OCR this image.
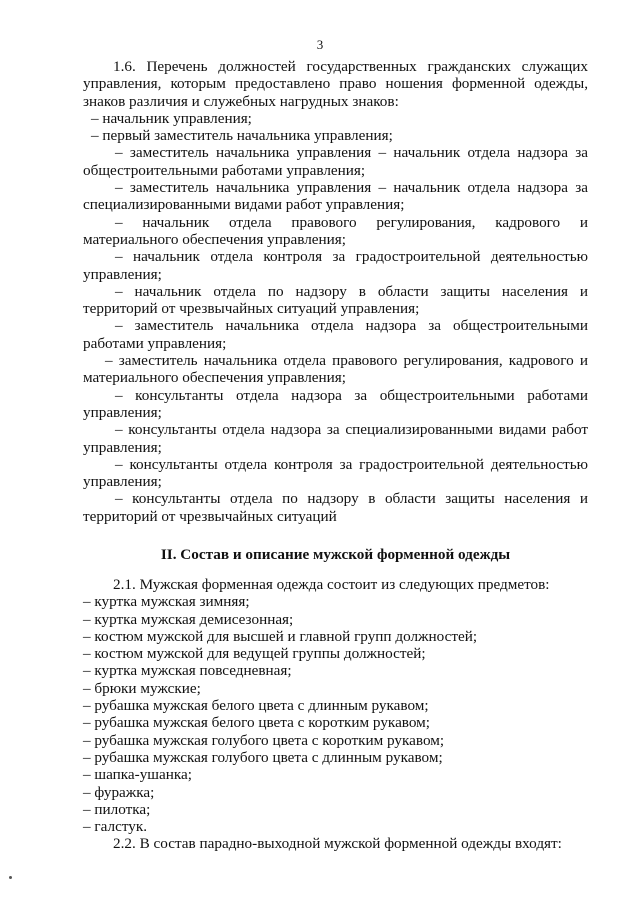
3

1.6. Перечень должностей государственных гражданских служащих

управления, которым предоставлено право ношения форменной одежды,

знаков различия и служебных нагрудных знаков:

– начальник управления;

– первый заместитель начальника управления;

– заместитель начальника управления – начальник отдела надзора за

общестроительными работами управления;

– заместитель начальника управления – начальник отдела надзора за

специализированными видами работ управления;

– начальник отдела правового регулирования, кадрового и

материального обеспечения управления;

– начальник отдела контроля за градостроительной деятельностью

управления;

– начальник отдела по надзору в области защиты населения и

территорий от чрезвычайных ситуаций управления;

– заместитель начальника отдела надзора за общестроительными

работами управления;

– заместитель начальника отдела правового регулирования, кадрового и

материального обеспечения управления;

– консультанты отдела надзора за общестроительными работами

управления;

– консультанты отдела надзора за специализированными видами работ

управления;

– консультанты отдела контроля за градостроительной деятельностью

управления;

– консультанты отдела по надзору в области защиты населения и

территорий от чрезвычайных ситуаций

II. Состав и описание мужской форменной одежды

2.1. Мужская форменная одежда состоит из следующих предметов:

– куртка мужская зимняя;

– куртка мужская демисезонная;

– костюм мужской для высшей и главной групп должностей;

– костюм мужской для ведущей группы должностей;

– куртка мужская повседневная;

– брюки мужские;

– рубашка мужская белого цвета с длинным рукавом;

– рубашка мужская белого цвета с коротким рукавом;

– рубашка мужская голубого цвета с коротким рукавом;

– рубашка мужская голубого цвета с длинным рукавом;

– шапка-ушанка;

– фуражка;

– пилотка;

– галстук.

2.2. В состав парадно-выходной мужской форменной одежды входят:
